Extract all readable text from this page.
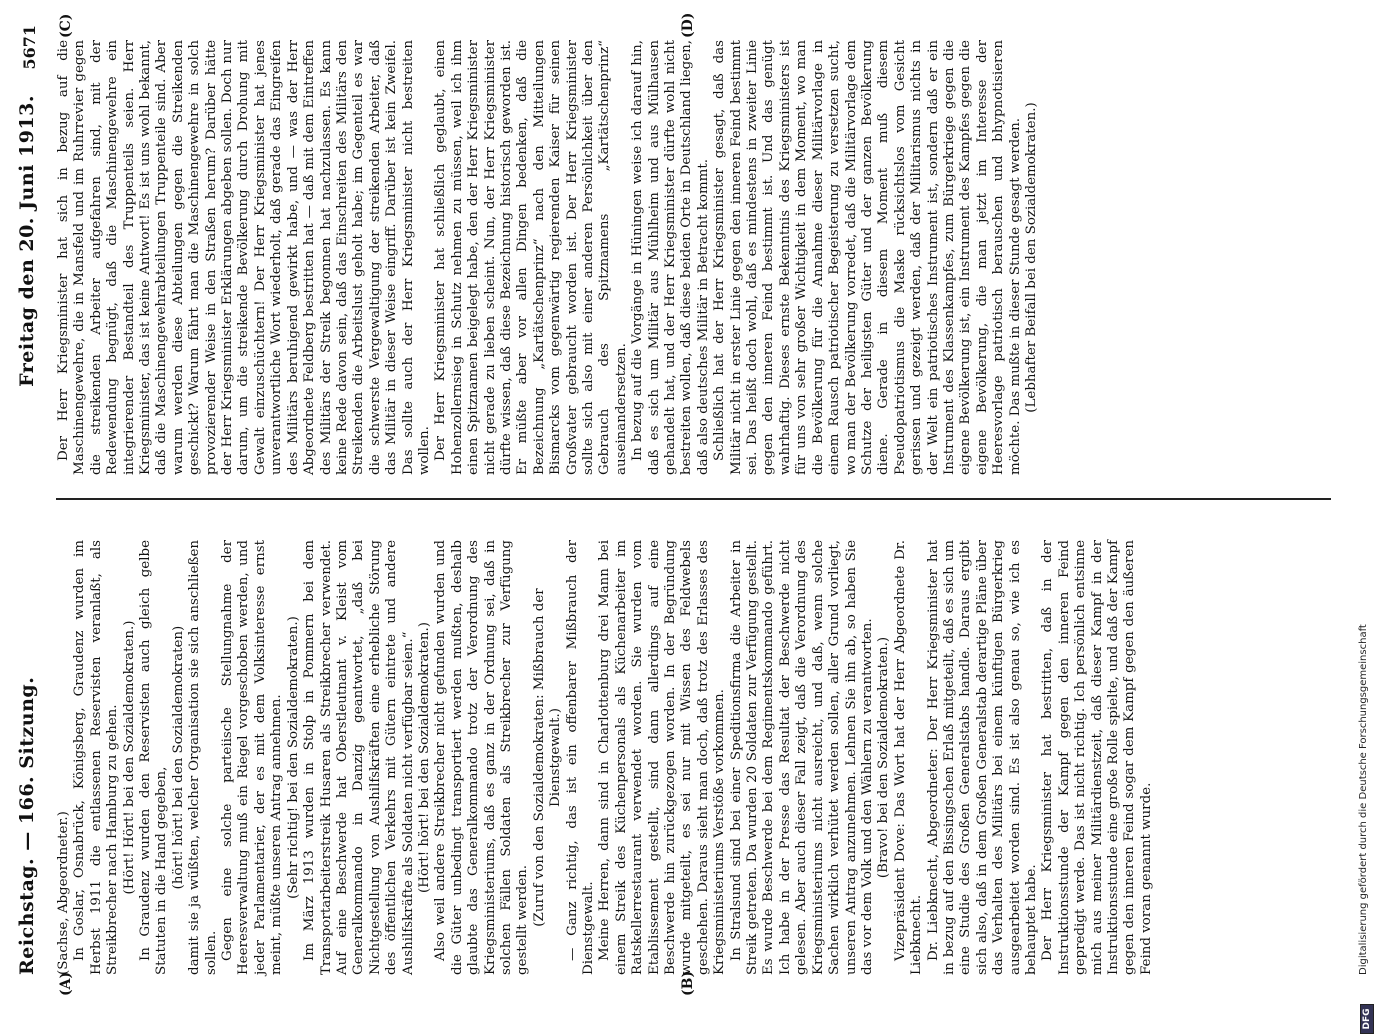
Reichstag. — 166. Sitzung.
Freitag den 20. Juni 1913.
5671
(A)	(B)
(C)	(D)

(Sachse, Abgeordneter.) In Goslar, Osnabrück, Königsberg, Graudenz wurden im Herbst 1911 die entlassenen Reservisten veranlaßt, als Streikbrecher nach Hamburg zu gehen. (Hört! Hört! bei den Sozialdemokraten.) In Graudenz wurden den Reservisten auch gleich gelbe Statuten in die Hand gegeben, (hört! hört! bei den Sozialdemokraten) damit sie ja wüßten, welcher Organisation sie sich anschließen sollen. Gegen eine solche parteiische Stellungnahme der Heeresverwaltung muß ein Riegel vorgeschoben werden, und jeder Parlamentarier, der es mit dem Volksinteresse ernst meint, müßte unseren Antrag annehmen. (Sehr richtig! bei den Sozialdemokraten.) Im März 1913 wurden in Stolp in Pommern bei dem Transportarbeiterstreik Husaren als Streikbrecher verwendet. Auf eine Beschwerde hat Oberstleutnant v. Kleist vom Generalkommando in Danzig geantwortet, „daß bei Nichtgestellung von Aushilfskräften eine erhebliche Störung des öffentlichen Verkehrs mit Gütern eintrete und andere Aushilfskräfte als Soldaten nicht verfügbar seien.“ (Hört! hört! bei den Sozialdemokraten.) Also weil andere Streikbrecher nicht gefunden wurden und die Güter unbedingt transportiert werden mußten, deshalb glaubte das Generalkommando trotz der Verordnung des Kriegsministeriums, daß es ganz in der Ordnung sei, daß in solchen Fällen Soldaten als Streikbrecher zur Verfügung gestellt werden. (Zuruf von den Sozialdemokraten: Mißbrauch der Dienstgewalt.) — Ganz richtig, das ist ein offenbarer Mißbrauch der Dienstgewalt. Meine Herren, dann sind in Charlottenburg drei Mann bei einem Streik des Küchenpersonals als Küchenarbeiter im Ratskellerrestaurant verwendet worden. Sie wurden vom Etablissement gestellt, sind dann allerdings auf eine Beschwerde hin zurückgezogen worden. In der Begründung wurde mitgeteilt, es sei nur mit Wissen des Feldwebels geschehen. Daraus sieht man doch, daß trotz des Erlasses des Kriegsministeriums Verstöße vorkommen. In Stralsund sind bei einer Speditionsfirma die Arbeiter in Streik getreten. Da wurden 20 Soldaten zur Verfügung gestellt. Es wurde Beschwerde bei dem Regimentskommando geführt. Ich habe in der Presse das Resultat der Beschwerde nicht gelesen. Aber auch dieser Fall zeigt, daß die Verordnung des Kriegsministeriums nicht ausreicht, und daß, wenn solche Sachen wirklich verhütet werden sollen, aller Grund vorliegt, unseren Antrag anzunehmen. Lehnen Sie ihn ab, so haben Sie das vor dem Volk und den Wählern zu verantworten. (Bravo! bei den Sozialdemokraten.) Vizepräsident Dove: Das Wort hat der Herr Abgeordnete Dr. Liebknecht. Dr. Liebknecht, Abgeordneter: Der Herr Kriegsminister hat in bezug auf den Bissingschen Erlaß mitgeteilt, daß es sich um eine Studie des Großen Generalstabs handle. Daraus ergibt sich also, daß in dem Großen Generalstab derartige Pläne über das Verhalten des Militärs bei einem künftigen Bürgerkrieg ausgearbeitet worden sind. Es ist also genau so, wie ich es behauptet habe. Der Herr Kriegsminister hat bestritten, daß in der Instruktionsstunde der Kampf gegen den inneren Feind gepredigt werde. Das ist nicht richtig. Ich persönlich entsinne mich aus meiner Militärdienstzeit, daß dieser Kampf in der Instruktionsstunde eine große Rolle spielte, und daß der Kampf gegen den inneren Feind sogar dem Kampf gegen den äußeren Feind voran genannt wurde.

Der Herr Kriegsminister hat sich in bezug auf die Maschinengewehre, die in Mansfeld und im Ruhrrevier gegen die streikenden Arbeiter aufgefahren sind, mit der Redewendung begnügt, daß die Maschinengewehre ein integrierender Bestandteil des Truppenteils seien. Herr Kriegsminister, das ist keine Antwort! Es ist uns wohl bekannt, daß die Maschinengewehrabteilungen Truppenteile sind. Aber warum werden diese Abteilungen gegen die Streikenden geschickt? Warum fährt man die Maschinengewehre in solch provozierender Weise in den Straßen herum? Darüber hätte der Herr Kriegsminister Erklärungen abgeben sollen. Doch nur darum, um die streikende Bevölkerung durch Drohung mit Gewalt einzuschüchtern! Der Herr Kriegsminister hat jenes unverantwortliche Wort wiederholt, daß gerade das Eingreifen des Militärs beruhigend gewirkt habe, und — was der Herr Abgeordnete Feldberg bestritten hat — daß mit dem Eintreffen des Militärs der Streik begonnen hat nachzulassen. Es kann keine Rede davon sein, daß das Einschreiten des Militärs den Streikenden die Arbeitslust geholt habe; im Gegenteil es war die schwerste Vergewaltigung der streikenden Arbeiter, daß das Militär in dieser Weise eingriff. Darüber ist kein Zweifel. Das sollte auch der Herr Kriegsminister nicht bestreiten wollen. Der Herr Kriegsminister hat schließlich geglaubt, einen Hohenzollernsieg in Schutz nehmen zu müssen, weil ich ihm einen Spitznamen beigelegt habe, den der Herr Kriegsminister nicht gerade zu lieben scheint. Nun, der Herr Kriegsminister dürfte wissen, daß diese Bezeichnung historisch geworden ist. Er müßte aber vor allen Dingen bedenken, daß die Bezeichnung „Kartätschenprinz“ nach den Mitteilungen Bismarcks vom gegenwärtig regierenden Kaiser für seinen Großvater gebraucht worden ist. Der Herr Kriegsminister sollte sich also mit einer anderen Persönlichkeit über den Gebrauch des Spitznamens „Kartätschenprinz“ auseinandersetzen. In bezug auf die Vorgänge in Hüningen weise ich darauf hin, daß es sich um Militär aus Mühlheim und aus Mülhausen gehandelt hat, und der Herr Kriegsminister dürfte wohl nicht bestreiten wollen, daß diese beiden Orte in Deutschland liegen, daß also deutsches Militär in Betracht kommt. Schließlich hat der Herr Kriegsminister gesagt, daß das Militär nicht in erster Linie gegen den inneren Feind bestimmt sei. Das heißt doch wohl, daß es mindestens in zweiter Linie gegen den inneren Feind bestimmt ist. Und das genügt wahrhaftig. Dieses ernste Bekenntnis des Kriegsministers ist für uns von sehr großer Wichtigkeit in dem Moment, wo man die Bevölkerung für die Annahme dieser Militärvorlage in einem Rausch patriotischer Begeisterung zu versetzen sucht, wo man der Bevölkerung vorredet, daß die Militärvorlage dem Schutze der heiligsten Güter und der ganzen Bevölkerung diene. Gerade in diesem Moment muß diesem Pseudopatriotismus die Maske rücksichtslos vom Gesicht gerissen und gezeigt werden, daß der Militarismus nichts in der Welt ein patriotisches Instrument ist, sondern daß er ein Instrument des Klassenkampfes, zum Bürgerkriege gegen die eigene Bevölkerung ist, ein Instrument des Kampfes gegen die eigene Bevölkerung, die man jetzt im Interesse der Heeresvorlage patriotisch berauschen und bhypnotisieren möchte. Das mußte in dieser Stunde gesagt werden. (Lebhafter Beifall bei den Sozialdemokraten.)

DFG
Digitalisierung gefördert durch die Deutsche Forschungsgemeinschaft
